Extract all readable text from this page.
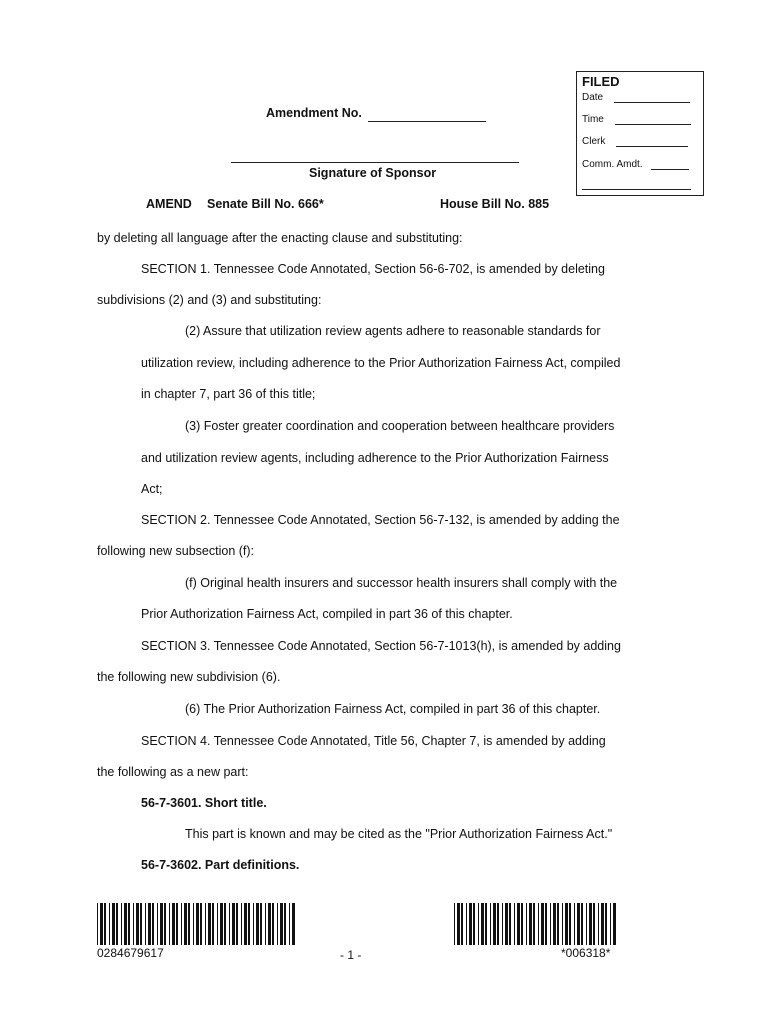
FILED
Date
Time
Clerk
Comm. Amdt.
Amendment No.
Signature of Sponsor
AMEND Senate Bill No. 666*	House Bill No. 885
by deleting all language after the enacting clause and substituting:
SECTION 1. Tennessee Code Annotated, Section 56-6-702, is amended by deleting
subdivisions (2) and (3) and substituting:
(2) Assure that utilization review agents adhere to reasonable standards for
utilization review, including adherence to the Prior Authorization Fairness Act, compiled
in chapter 7, part 36 of this title;
(3) Foster greater coordination and cooperation between healthcare providers
and utilization review agents, including adherence to the Prior Authorization Fairness
Act;
SECTION 2. Tennessee Code Annotated, Section 56-7-132, is amended by adding the
following new subsection (f):
(f) Original health insurers and successor health insurers shall comply with the
Prior Authorization Fairness Act, compiled in part 36 of this chapter.
SECTION 3. Tennessee Code Annotated, Section 56-7-1013(h), is amended by adding
the following new subdivision (6).
(6) The Prior Authorization Fairness Act, compiled in part 36 of this chapter.
SECTION 4. Tennessee Code Annotated, Title 56, Chapter 7, is amended by adding
the following as a new part:
56-7-3601. Short title.
This part is known and may be cited as the "Prior Authorization Fairness Act."
56-7-3602. Part definitions.
0284679617	- 1 -	*006318*
